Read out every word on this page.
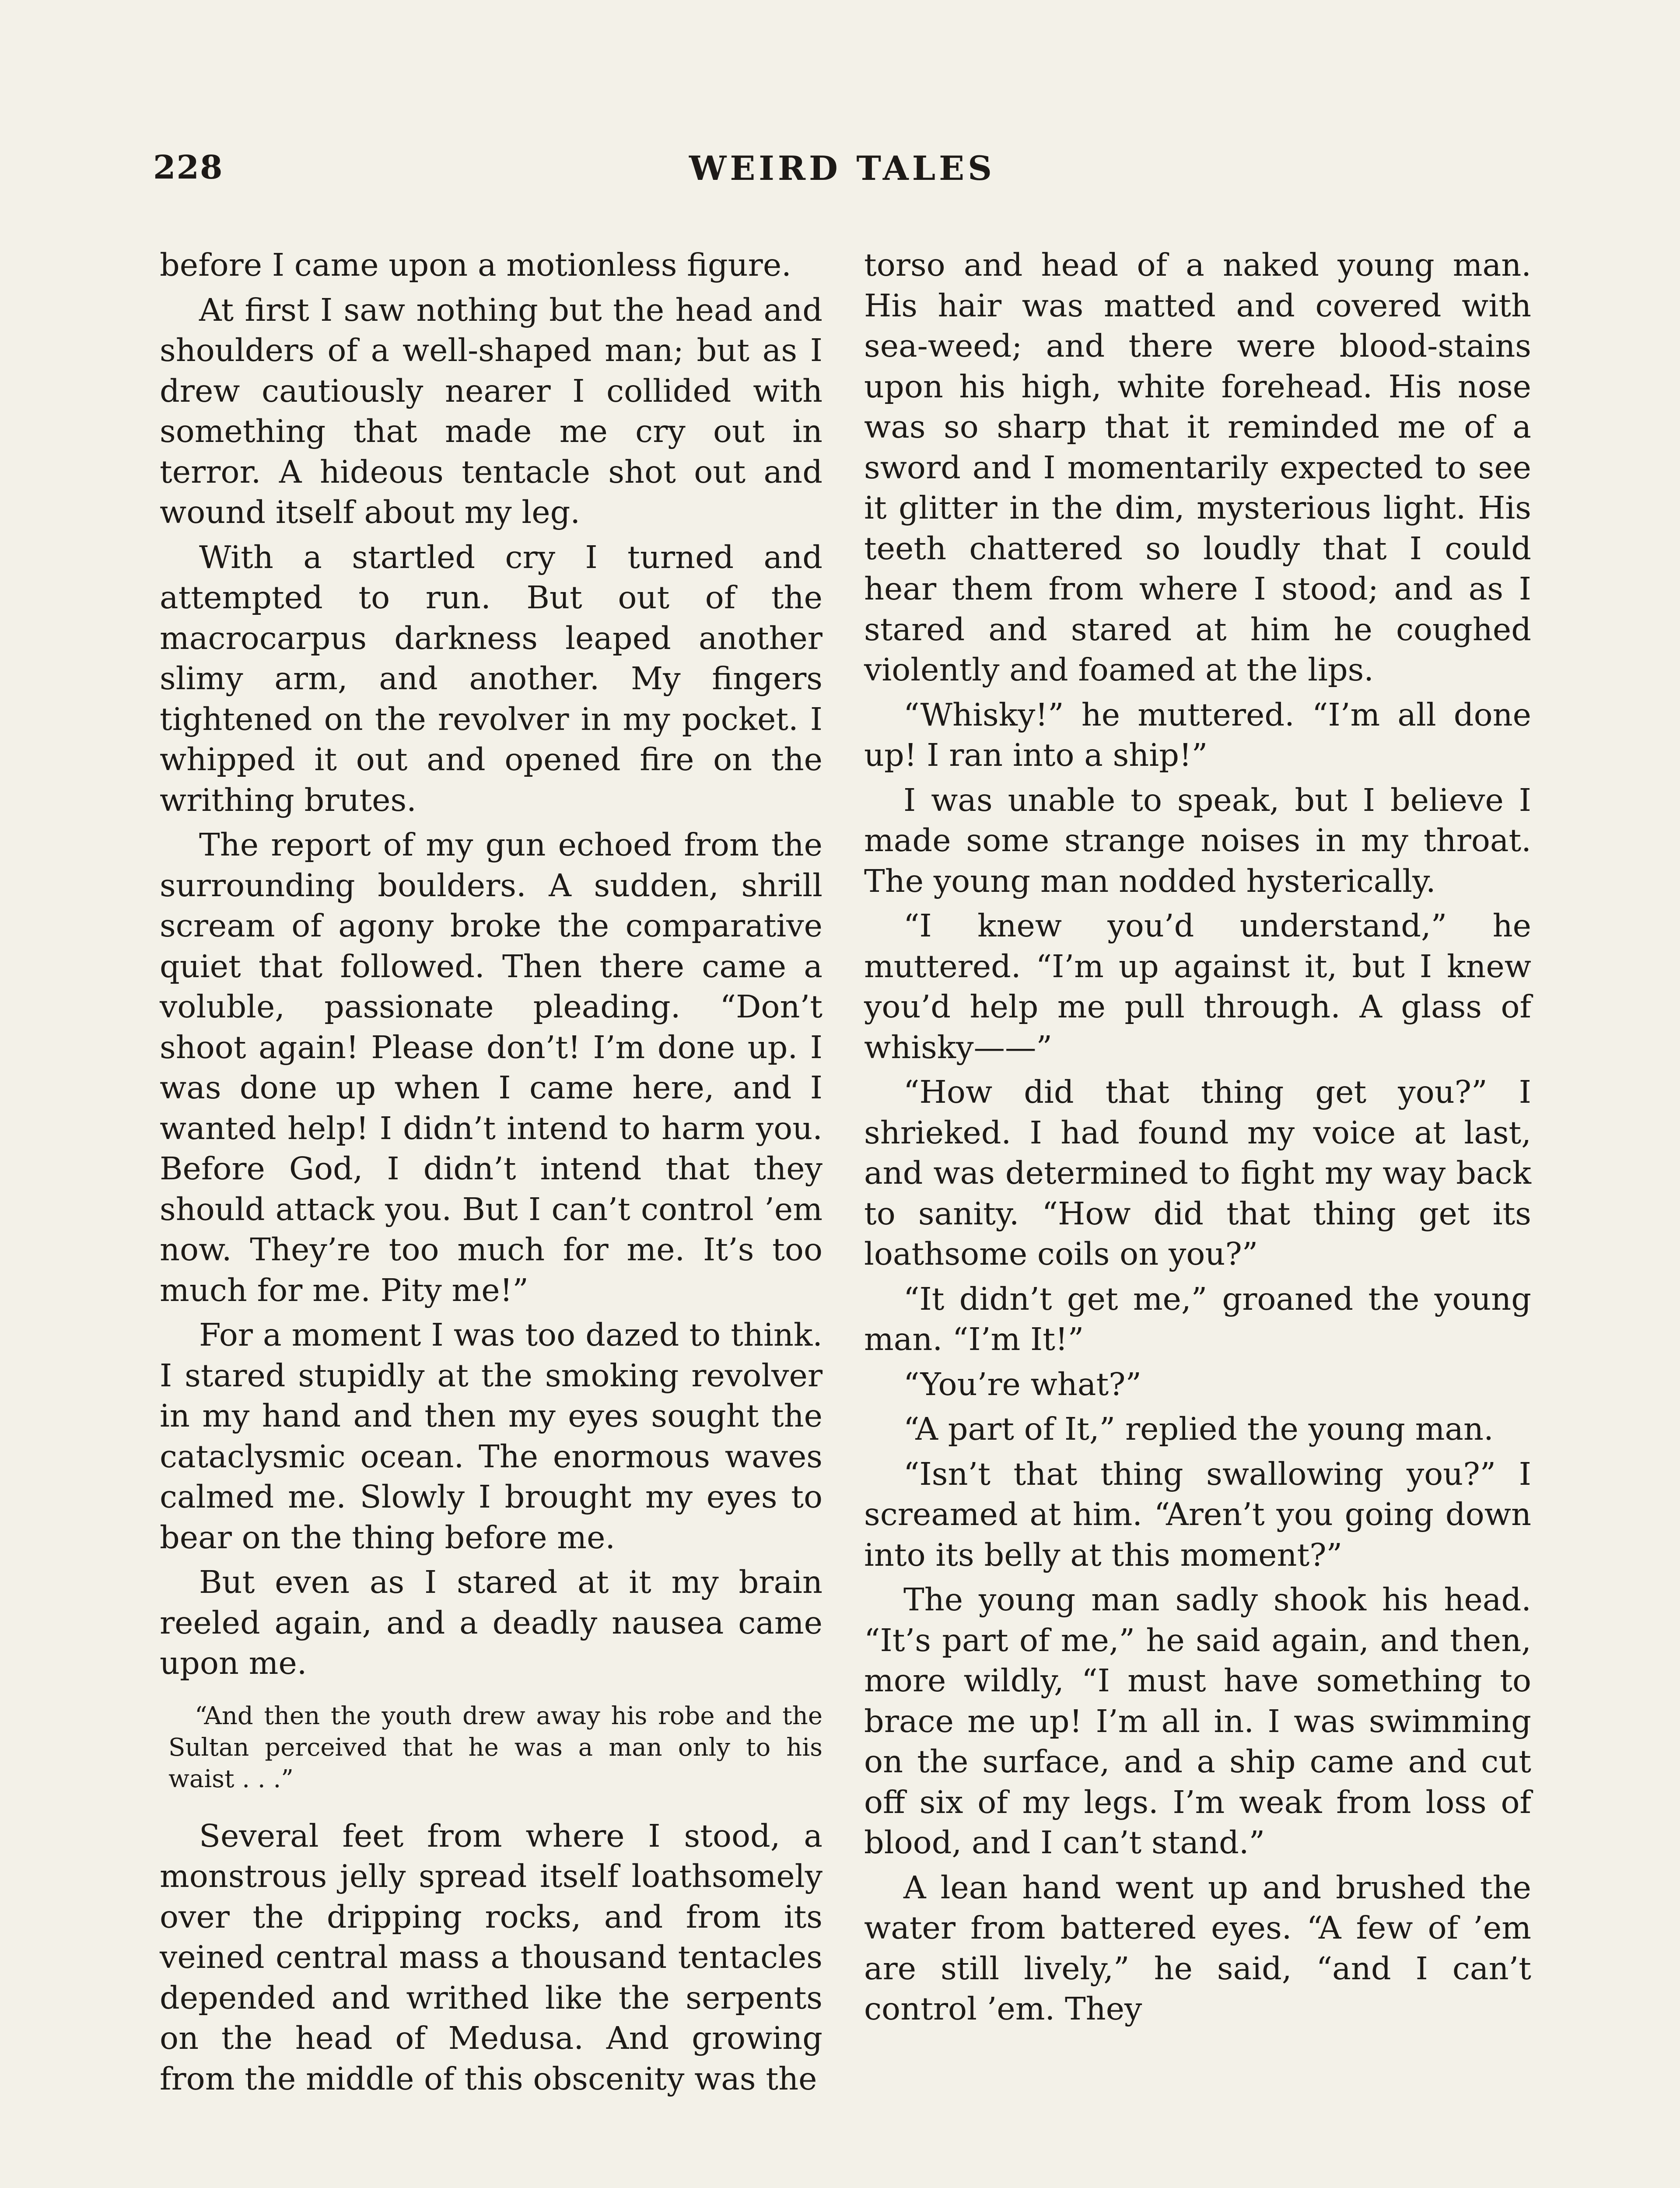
228	WEIRD TALES

before I came upon a motionless figure.

At first I saw nothing but the head and shoulders of a well-shaped man; but as I drew cautiously nearer I collided with something that made me cry out in terror. A hideous tentacle shot out and wound itself about my leg.

With a startled cry I turned and attempted to run. But out of the macrocarpus darkness leaped another slimy arm, and another. My fingers tightened on the revolver in my pocket. I whipped it out and opened fire on the writhing brutes.

The report of my gun echoed from the surrounding boulders. A sudden, shrill scream of agony broke the comparative quiet that followed. Then there came a voluble, passionate pleading. “Don’t shoot again! Please don’t! I’m done up. I was done up when I came here, and I wanted help! I didn’t intend to harm you. Before God, I didn’t intend that they should attack you. But I can’t control ’em now. They’re too much for me. It’s too much for me. Pity me!”

For a moment I was too dazed to think. I stared stupidly at the smoking revolver in my hand and then my eyes sought the cataclysmic ocean. The enormous waves calmed me. Slowly I brought my eyes to bear on the thing before me.

But even as I stared at it my brain reeled again, and a deadly nausea came upon me.

“And then the youth drew away his robe and the Sultan perceived that he was a man only to his waist . . .”

Several feet from where I stood, a monstrous jelly spread itself loathsomely over the dripping rocks, and from its veined central mass a thousand tentacles depended and writhed like the serpents on the head of Medusa. And growing from the middle of this obscenity was the

torso and head of a naked young man. His hair was matted and covered with sea-weed; and there were blood-stains upon his high, white forehead. His nose was so sharp that it reminded me of a sword and I momentarily expected to see it glitter in the dim, mysterious light. His teeth chattered so loudly that I could hear them from where I stood; and as I stared and stared at him he coughed violently and foamed at the lips.

“Whisky!” he muttered. “I’m all done up! I ran into a ship!”

I was unable to speak, but I believe I made some strange noises in my throat. The young man nodded hysterically.

“I knew you’d understand,” he muttered. “I’m up against it, but I knew you’d help me pull through. A glass of whisky——”

“How did that thing get you?” I shrieked. I had found my voice at last, and was determined to fight my way back to sanity. “How did that thing get its loathsome coils on you?”

“It didn’t get me,” groaned the young man. “I’m It!”

“You’re what?”

“A part of It,” replied the young man.

“Isn’t that thing swallowing you?” I screamed at him. “Aren’t you going down into its belly at this moment?”

The young man sadly shook his head. “It’s part of me,” he said again, and then, more wildly, “I must have something to brace me up! I’m all in. I was swimming on the surface, and a ship came and cut off six of my legs. I’m weak from loss of blood, and I can’t stand.”

A lean hand went up and brushed the water from battered eyes. “A few of ’em are still lively,” he said, “and I can’t control ’em. They
